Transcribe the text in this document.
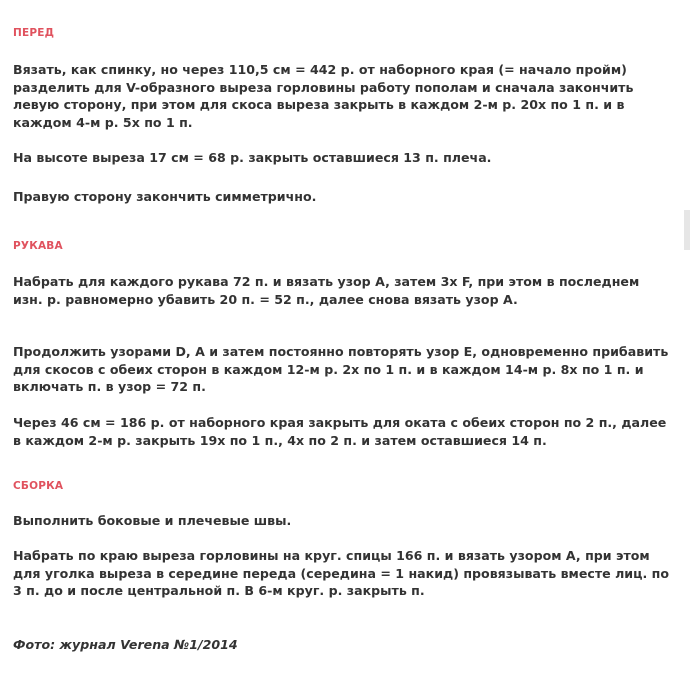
ПЕРЕД

Вязать, как спинку, но через 110,5 см = 442 р. от наборного края (= начало пройм) разделить для V-образного выреза горловины работу пополам и сначала закончить левую сторону, при этом для скоса выреза закрыть в каждом 2-м р. 20х по 1 п. и в каждом 4-м р. 5х по 1 п.

На высоте выреза 17 см = 68 р. закрыть оставшиеся 13 п. плеча.

Правую сторону закончить симметрично.

РУКАВА

Набрать для каждого рукава 72 п. и вязать узор A, затем 3х F, при этом в последнем изн. р. равномерно убавить 20 п. = 52 п., далее снова вязать узор A.

Продолжить узорами D, A и затем постоянно повторять узор E, одновременно прибавить для скосов с обеих сторон в каждом 12-м р. 2х по 1 п. и в каждом 14-м р. 8х по 1 п. и включать п. в узор = 72 п.

Через 46 см = 186 р. от наборного края закрыть для оката с обеих сторон по 2 п., далее в каждом 2-м р. закрыть 19х по 1 п., 4х по 2 п. и затем оставшиеся 14 п.

СБОРКА

Выполнить боковые и плечевые швы.

Набрать по краю выреза горловины на круг. спицы 166 п. и вязать узором A, при этом для уголка выреза в середине переда (середина = 1 накид) провязывать вместе лиц. по 3 п. до и после центральной п. В 6-м круг. р. закрыть п.

Фото: журнал Verena №1/2014
